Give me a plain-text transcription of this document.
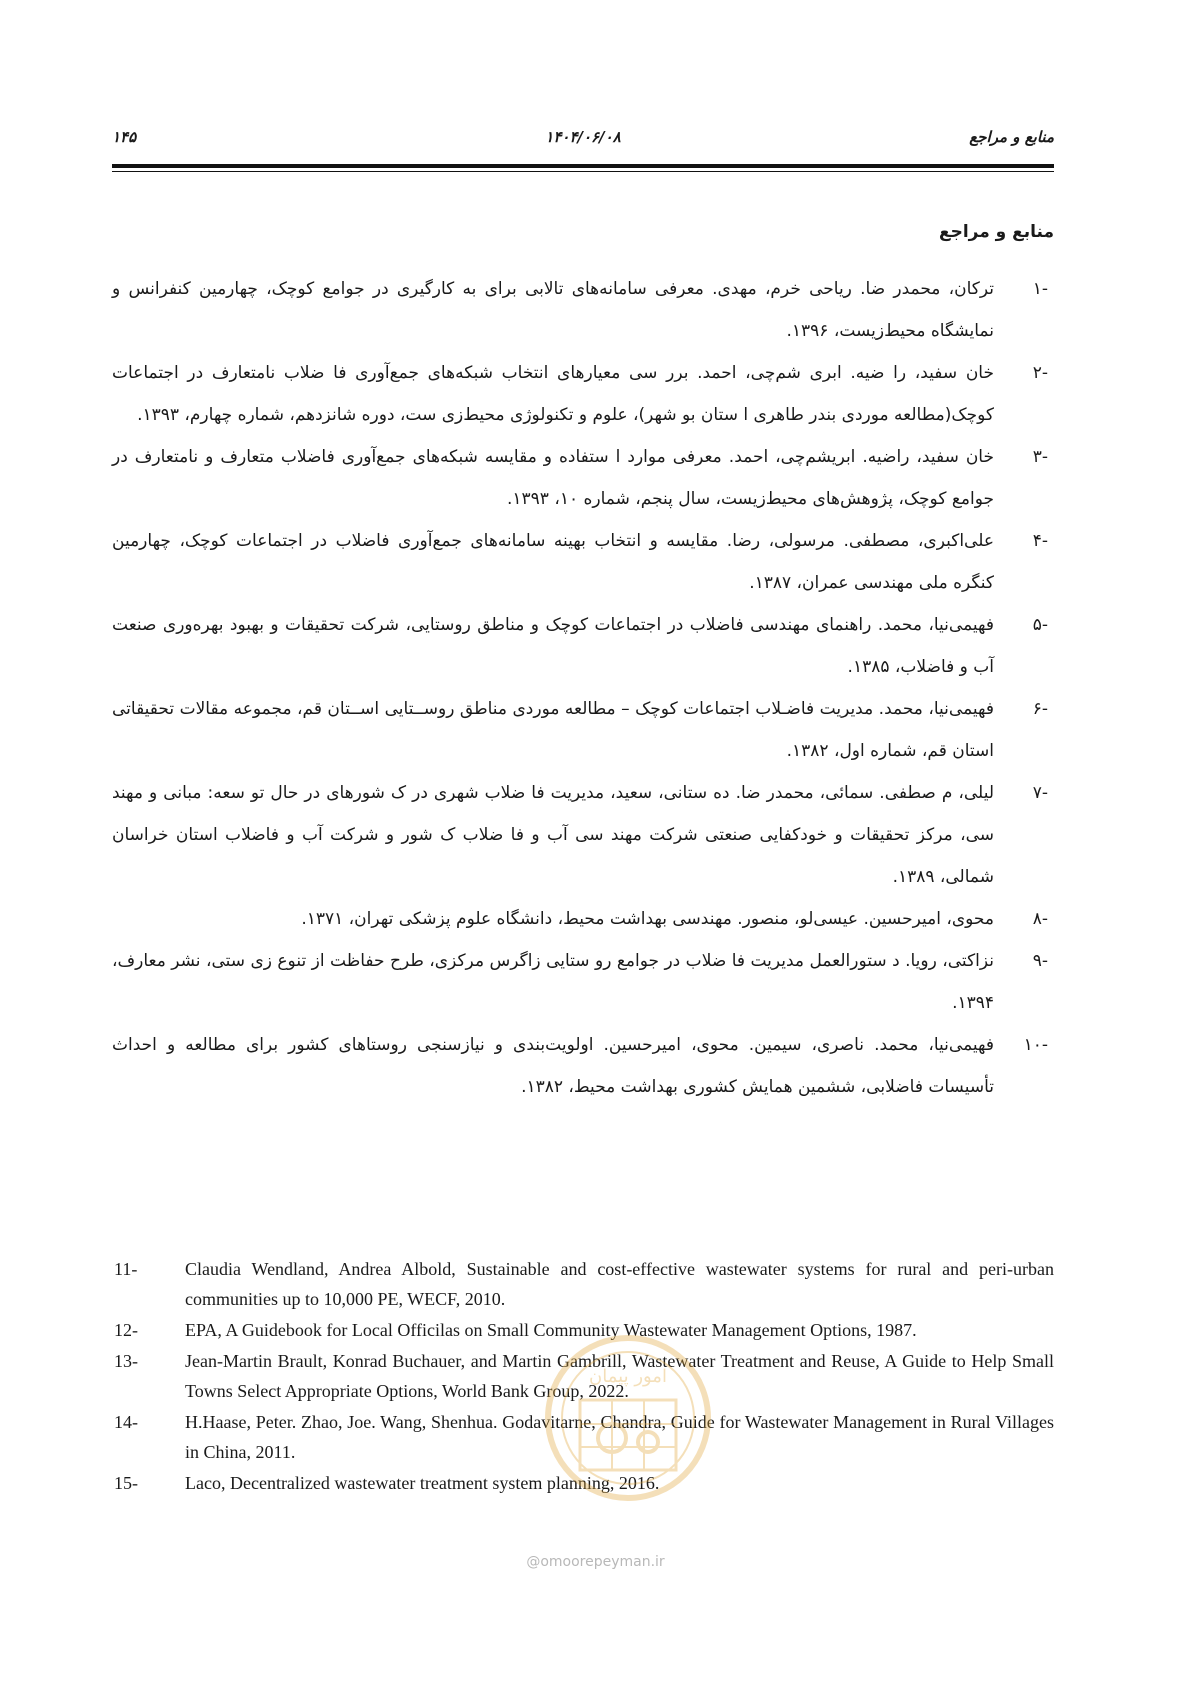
منابع و مراجع
۱۴۰۴/۰۶/۰۸
۱۴۵
منابع و مراجع
-۱
ترکان، محمدر ضا. ریاحی خرم، مهدی. معرفی سامانه‌های تالابی برای به کارگیری در جوامع کوچک، چهارمین کنفرانس و نمایشگاه محیط‌زیست، ۱۳۹۶.
-۲
خان سفید، را ضیه. ابری شم‌چی، احمد. برر سی معیارهای انتخاب شبکه‌های جمع‌آوری فا ضلاب نامتعارف در اجتماعات کوچک(مطالعه موردی بندر طاهری ا ستان بو شهر)، علوم و تکنولوژی محیط‌زی ست، دوره شانزدهم، شماره چهارم، ۱۳۹۳.
-۳
خان سفید، راضیه. ابریشم‌چی، احمد. معرفی موارد ا ستفاده و مقایسه شبکه‌های جمع‌آوری فاضلاب متعارف و نامتعارف در جوامع کوچک، پژوهش‌های محیط‌زیست، سال پنجم، شماره ۱۰، ۱۳۹۳.
-۴
علی‌اکبری، مصطفی. مرسولی، رضا. مقایسه و انتخاب بهینه سامانه‌های جمع‌آوری فاضلاب در اجتماعات کوچک، چهارمین کنگره ملی مهندسی عمران، ۱۳۸۷.
-۵
فهیمی‌نیا، محمد. راهنمای مهندسی فاضلاب در اجتماعات کوچک و مناطق روستایی، شرکت تحقیقات و بهبود بهره‌وری صنعت آب و فاضلاب، ۱۳۸۵.
-۶
فهیمی‌نیا، محمد. مدیریت فاضـلاب اجتماعات کوچک – مطالعه موردی مناطق روســتایی اســتان قم، مجموعه مقالات تحقیقاتی استان قم، شماره اول، ۱۳۸۲.
-۷
لیلی، م صطفی. سمائی، محمدر ضا. ده ستانی، سعید، مدیریت فا ضلاب شهری در ک شورهای در حال تو سعه: مبانی و مهند سی، مرکز تحقیقات و خودکفایی صنعتی شرکت مهند سی آب و فا ضلاب ک شور و شرکت آب و فاضلاب استان خراسان شمالی، ۱۳۸۹.
-۸
محوی، امیرحسین. عیسی‌لو، منصور. مهندسی بهداشت محیط، دانشگاه علوم پزشکی تهران، ۱۳۷۱.
-۹
نزاکتی، رویا. د ستورالعمل مدیریت فا ضلاب در جوامع رو ستایی زاگرس مرکزی، طرح حفاظت از تنوع زی ستی، نشر معارف، ۱۳۹۴.
-۱۰
فهیمی‌نیا، محمد. ناصری، سیمین. محوی، امیرحسین. اولویت‌بندی و نیازسنجی روستاهای کشور برای مطالعه و احداث تأسیسات فاضلابی، ششمین همایش کشوری بهداشت محیط، ۱۳۸۲.
11-	Claudia Wendland, Andrea Albold, Sustainable and cost-effective wastewater systems for rural and peri-urban communities up to 10,000 PE, WECF, 2010.
12-	EPA, A Guidebook for Local Officilas on Small Community Wastewater Management Options, 1987.
13-	Jean-Martin Brault, Konrad Buchauer, and Martin Gambrill, Wastewater Treatment and Reuse, A Guide to Help Small Towns Select Appropriate Options, World Bank Group, 2022.
14-	H.Haase, Peter. Zhao, Joe. Wang, Shenhua. Godavitarne, Chandra, Guide for Wastewater Management in Rural Villages in China, 2011.
15-	Laco, Decentralized wastewater treatment system planning, 2016.
امور پیمان
@omoorepeyman.ir
